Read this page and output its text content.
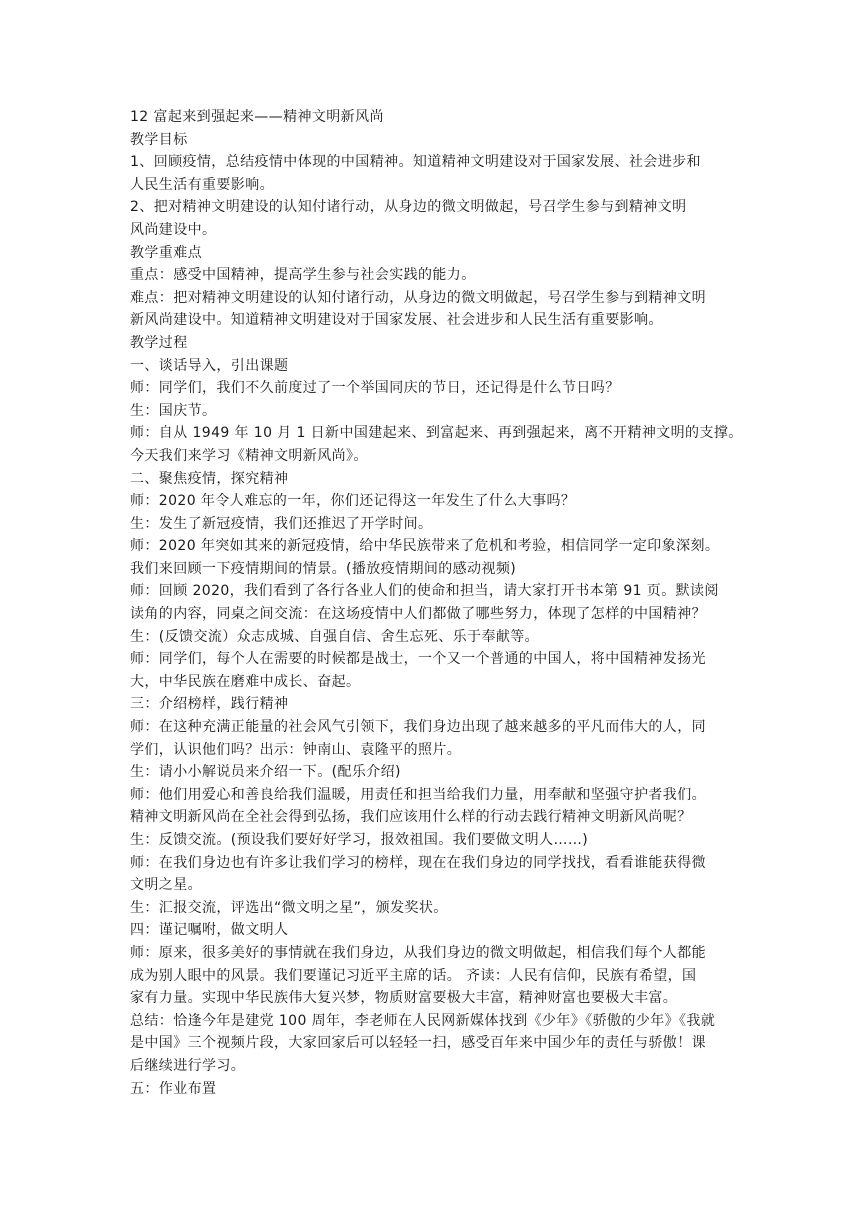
12 富起来到强起来——精神文明新风尚
教学目标
1、回顾疫情，总结疫情中体现的中国精神。知道精神文明建设对于国家发展、社会进步和
人民生活有重要影响。
2、把对精神文明建设的认知付诸行动，从身边的微文明做起，号召学生参与到精神文明
风尚建设中。
教学重难点
重点：感受中国精神，提高学生参与社会实践的能力。
难点：把对精神文明建设的认知付诸行动，从身边的微文明做起，号召学生参与到精神文明
新风尚建设中。知道精神文明建设对于国家发展、社会进步和人民生活有重要影响。
教学过程
一、谈话导入，引出课题
师：同学们，我们不久前度过了一个举国同庆的节日，还记得是什么节日吗？
生：国庆节。
师：自从 1949 年 10 月 1 日新中国建起来、到富起来、再到强起来，离不开精神文明的支撑。
今天我们来学习《精神文明新风尚》。
二、聚焦疫情，探究精神
师：2020 年令人难忘的一年，你们还记得这一年发生了什么大事吗？
生：发生了新冠疫情，我们还推迟了开学时间。
师：2020 年突如其来的新冠疫情，给中华民族带来了危机和考验，相信同学一定印象深刻。
我们来回顾一下疫情期间的情景。(播放疫情期间的感动视频)
师：回顾 2020，我们看到了各行各业人们的使命和担当，请大家打开书本第 91 页。默读阅
读角的内容，同桌之间交流：在这场疫情中人们都做了哪些努力，体现了怎样的中国精神？
生：(反馈交流）众志成城、自强自信、舍生忘死、乐于奉献等。
师：同学们，每个人在需要的时候都是战士，一个又一个普通的中国人，将中国精神发扬光
大，中华民族在磨难中成长、奋起。
三：介绍榜样，践行精神
师：在这种充满正能量的社会风气引领下，我们身边出现了越来越多的平凡而伟大的人，同
学们，认识他们吗？出示：钟南山、袁隆平的照片。
生：请小小解说员来介绍一下。(配乐介绍)
师：他们用爱心和善良给我们温暖，用责任和担当给我们力量，用奉献和坚强守护者我们。
精神文明新风尚在全社会得到弘扬，我们应该用什么样的行动去践行精神文明新风尚呢？
生：反馈交流。(预设我们要好好学习，报效祖国。我们要做文明人……)
师：在我们身边也有许多让我们学习的榜样，现在在我们身边的同学找找，看看谁能获得微
文明之星。
生：汇报交流，评选出“微文明之星”，颁发奖状。
四：谨记嘱咐，做文明人
师：原来，很多美好的事情就在我们身边，从我们身边的微文明做起，相信我们每个人都能
成为别人眼中的风景。我们要谨记习近平主席的话。 齐读：人民有信仰，民族有希望，国
家有力量。实现中华民族伟大复兴梦，物质财富要极大丰富，精神财富也要极大丰富。
总结：恰逢今年是建党 100 周年，李老师在人民网新媒体找到《少年》《骄傲的少年》《我就
是中国》三个视频片段，大家回家后可以轻轻一扫，感受百年来中国少年的责任与骄傲！课
后继续进行学习。
五：作业布置
